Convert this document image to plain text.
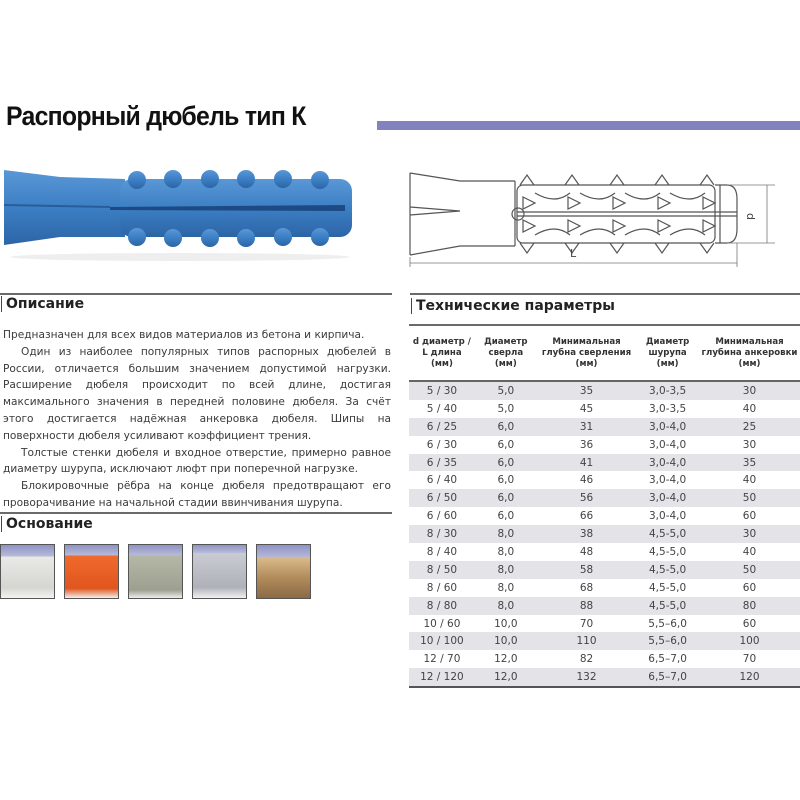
Распорный дюбель тип К
L
d
Описание

Предназначен для всех видов материалов из бетона и кирпича.

Один из наиболее популярных типов распорных дюбелей в России, отличается большим значением допустимой нагрузки. Расширение дюбеля происходит по всей длине, достигая максимального значения в передней половине дюбеля. За счёт этого достигается надёжная анкеровка дюбеля. Шипы на поверхности дюбеля усиливают коэффициент трения.

Толстые стенки дюбеля и входное отверстие, примерно равное диаметру шурупа, исключают люфт при поперечной нагрузке.

Блокировочные рёбра на конце дюбеля предотвращают его проворачивание на начальной стадии ввинчивания шурупа.

Основание
Технические параметры
d диаметр / L длина (мм)	Диаметр сверла (мм)	Минимальная глубна сверления (мм)	Диаметр шурупа (мм)	Минимальная глубина анкеровки (мм)
5 / 30	5,0	35	3,0-3,5	30
5 / 40	5,0	45	3,0-3,5	40
6 / 25	6,0	31	3,0-4,0	25
6 / 30	6,0	36	3,0-4,0	30
6 / 35	6,0	41	3,0-4,0	35
6 / 40	6,0	46	3,0-4,0	40
6 / 50	6,0	56	3,0-4,0	50
6 / 60	6,0	66	3,0-4,0	60
8 / 30	8,0	38	4,5-5,0	30
8 / 40	8,0	48	4,5-5,0	40
8 / 50	8,0	58	4,5-5,0	50
8 / 60	8,0	68	4,5-5,0	60
8 / 80	8,0	88	4,5-5,0	80
10 / 60	10,0	70	5,5–6,0	60
10 / 100	10,0	110	5,5–6,0	100
12 / 70	12,0	82	6,5–7,0	70
12 / 120	12,0	132	6,5–7,0	120
